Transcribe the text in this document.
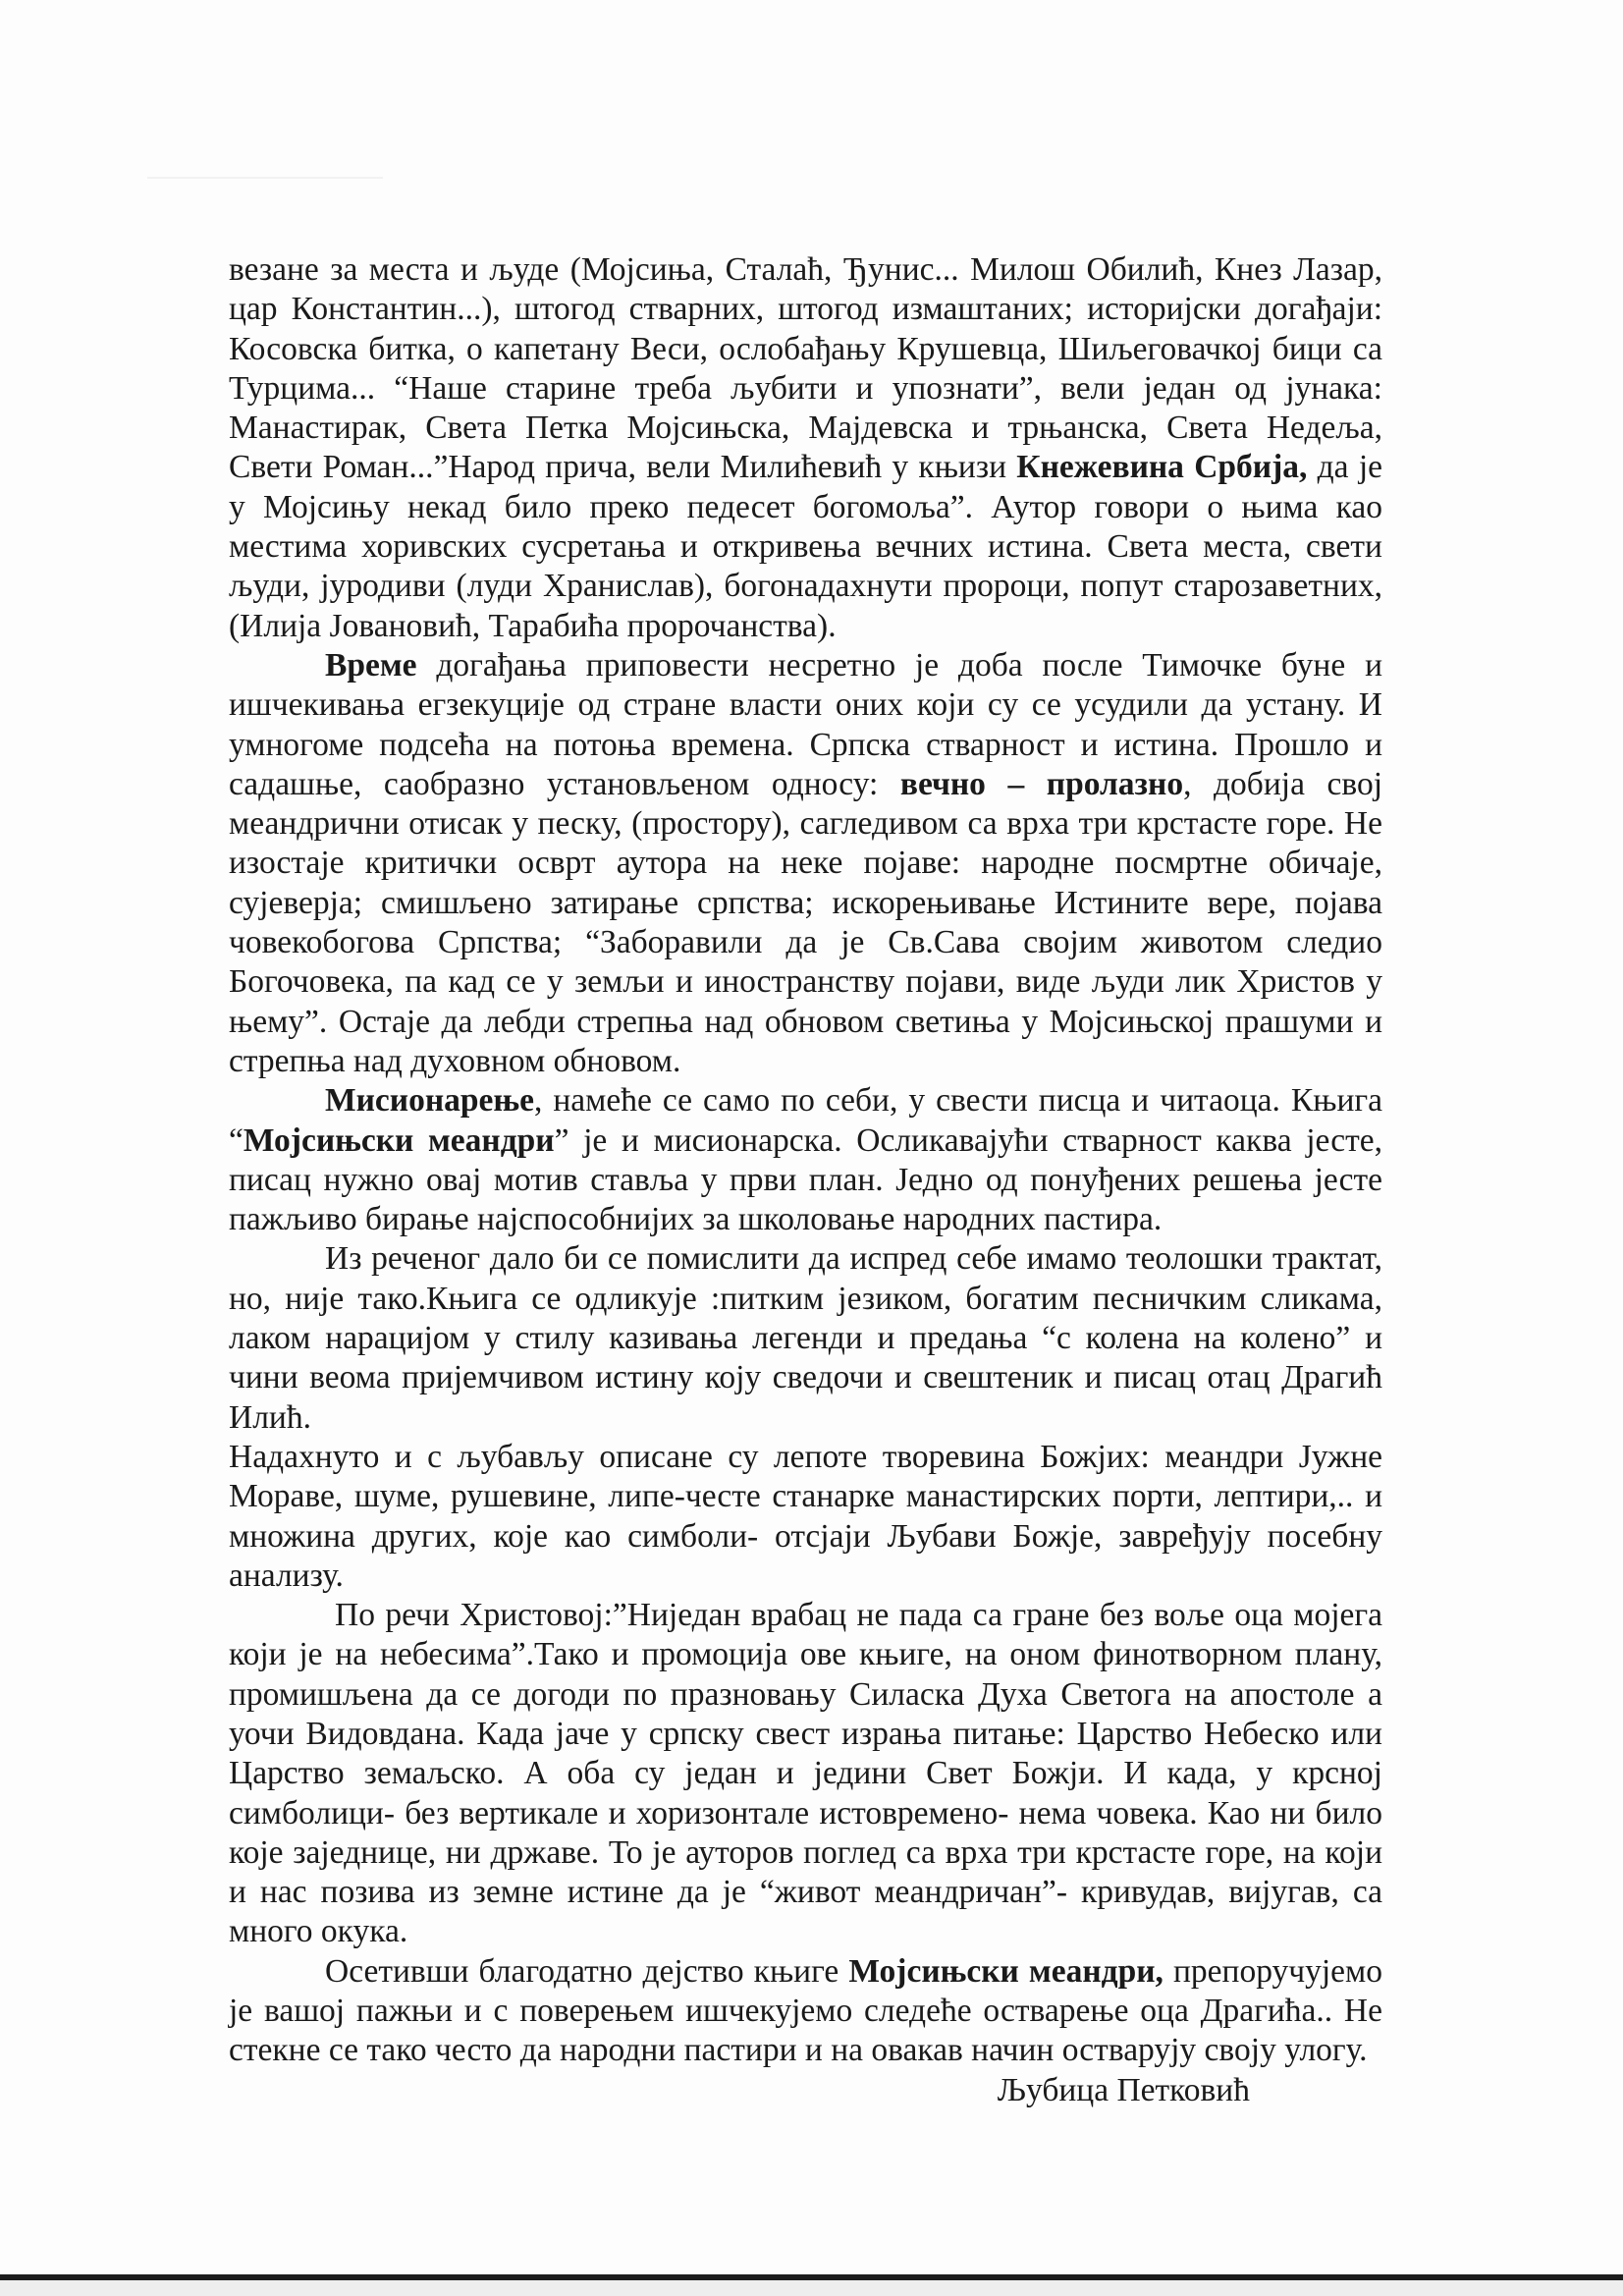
везане за места и људе (Мојсиња, Сталаћ, Ђунис... Милош Обилић, Кнез Лазар, цар Константин...), штогод стварних, штогод измаштаних; историјски догађаји: Косовска битка, о капетану Веси, ослобађању Крушевца, Шиљеговачкој бици са Турцима... “Наше старине треба љубити и упознати”, вели један од јунака: Манастирак, Света Петка Мојсињска, Мајдевска и трњанска, Света Недеља, Свети Роман...”Народ прича, вели Милићевић у књизи Кнежевина Србија, да је у Мојсињу некад било преко педесет богомоља”. Аутор говори о њима као местима хоривских сусретања и откривења вечних истина. Света места, свети људи, јуродиви (луди Хранислав), богонадахнути пророци, попут старозаветних, (Илија Јовановић, Тарабића пророчанства).

Време догађања приповести несретно је доба после Тимочке буне и ишчекивања егзекуције од стране власти оних који су се усудили да устану. И умногоме подсећа на потоња времена. Српска стварност и истина. Прошло и садашње, саобразно установљеном односу: вечно – пролазно, добија свој меандрични отисак у песку, (простору), сагледивом са врха три крстасте горе. Не изостаје критички осврт аутора на неке појаве: народне посмртне обичаје, сујеверја; смишљено затирање српства; искорењивање Истините вере, појава човекобогова Српства; “Заборавили да је Св.Сава својим животом следио Богочовека, па кад се у земљи и иностранству појави, виде људи лик Христов у њему”. Остаје да лебди стрепња над обновом светиња у Мојсињској прашуми и стрепња над духовном обновом.

Мисионарење, намеће се само по себи, у свести писца и читаоца. Књига “Мојсињски меандри” је и мисионарска. Осликавајући стварност каква јесте, писац нужно овај мотив ставља у први план. Једно од понуђених решења јесте пажљиво бирање најспособнијих за школовање народних пастира.

Из реченог дало би се помислити да испред себе имамо теолошки трактат, но, није тако.Књига се одликује :питким језиком, богатим песничким сликама, лаком нарацијом у стилу казивања легенди и предања “с колена на колено” и чини веома пријемчивом истину коју сведочи и свештеник и писац отац Драгић Илић.

Надахнуто и с љубављу описане су лепоте творевина Божјих: меандри Јужне Мораве, шуме, рушевине, липе-честе станарке манастирских порти, лептири,.. и множина других, које као симболи- отсјаји Љубави Божје, завређују посебну анализу.

По речи Христовој:”Ниједан врабац не пада са гране без воље оца мојега који је на небесима”.Тако и промоција ове књиге, на оном финотворном плану, промишљена да се догоди по празновању Силаска Духа Светога на апостоле а уочи Видовдана. Када јаче у српску свест израња питање: Царство Небеско или Царство земаљско. А оба су један и једини Свет Божји. И када, у крсној симболици- без вертикале и хоризонтале истовремено- нема човека. Као ни било које заједнице, ни државе. То је ауторов поглед са врха три крстасте горе, на који и нас позива из земне истине да је “живот меандричан”- кривудав, вијугав, са много окука.

Осетивши благодатно дејство књиге Мојсињски меандри, препоручујемо је вашој пажњи и с поверењем ишчекујемо следеће остварење оца Драгића.. Не стекне се тако често да народни пастири и на овакав начин остварују своју улогу.

Љубица Петковић
